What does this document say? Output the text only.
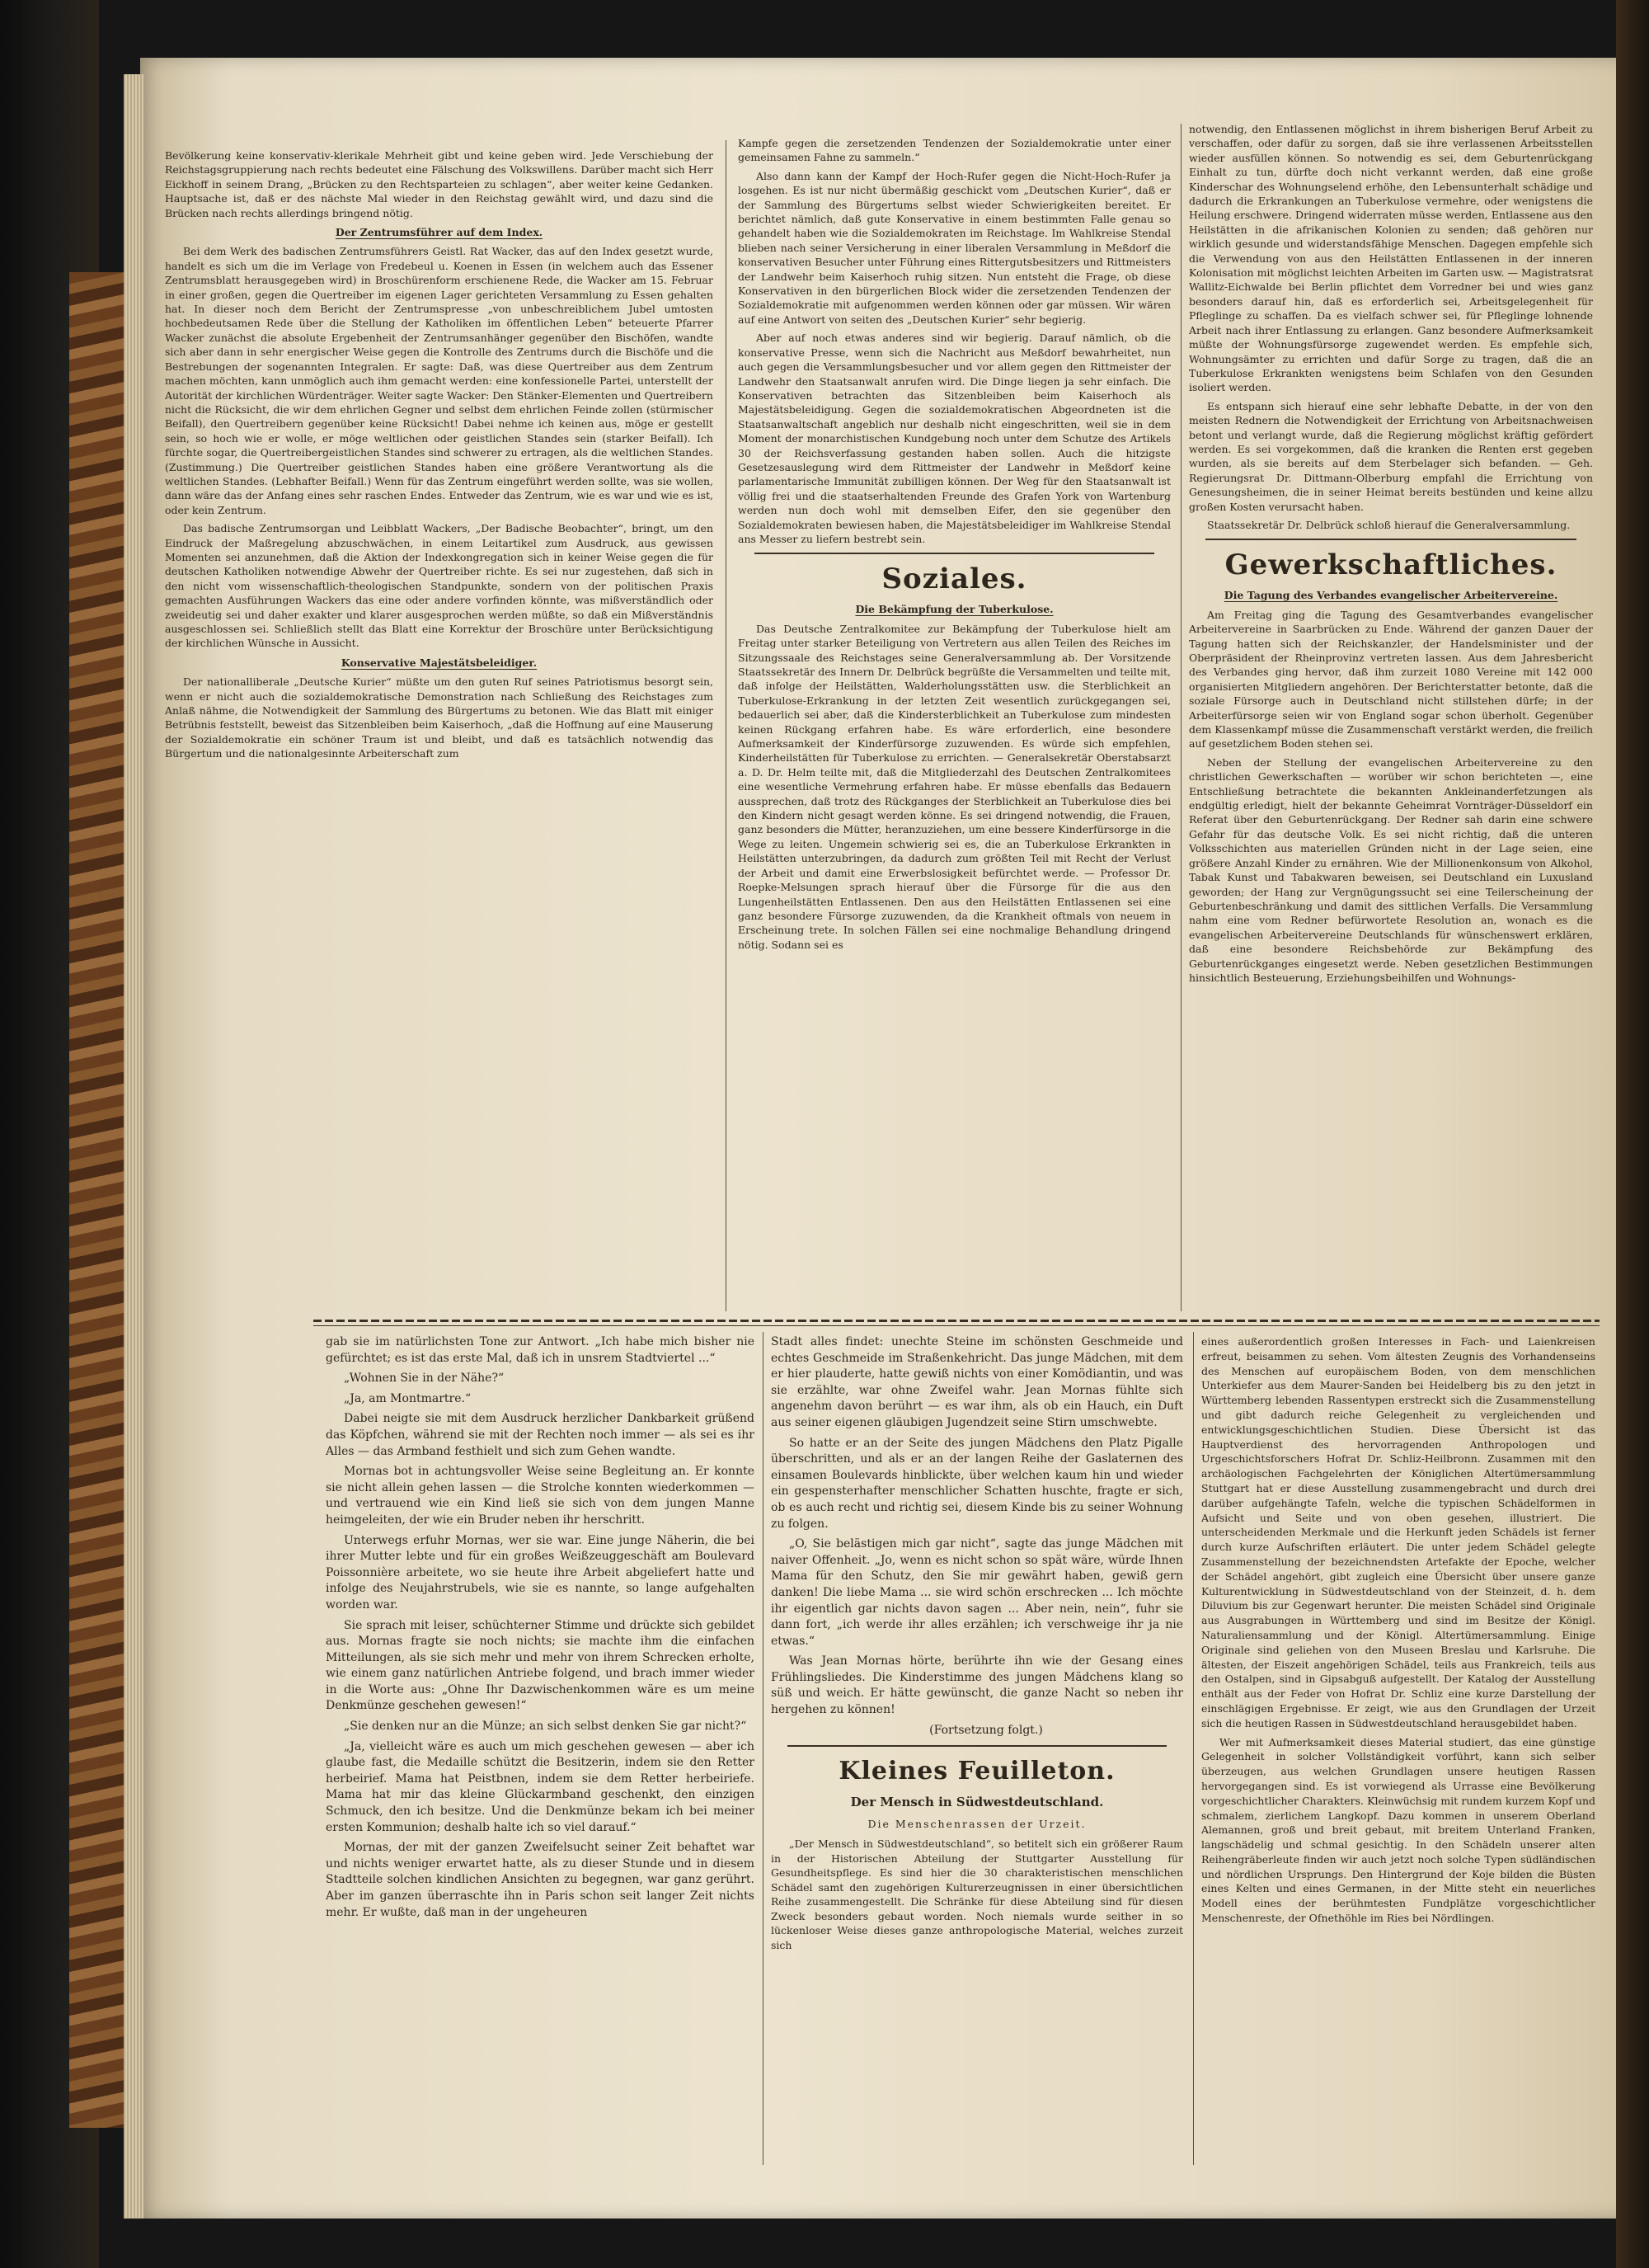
Bevölkerung keine konservativ-klerikale Mehrheit gibt und keine geben wird. Jede Verschiebung der Reichstagsgruppierung nach rechts bedeutet eine Fälschung des Volkswillens. Darüber macht sich Herr Eickhoff in seinem Drang, „Brücken zu den Rechtsparteien zu schlagen“, aber weiter keine Gedanken. Hauptsache ist, daß er des nächste Mal wieder in den Reichstag gewählt wird, und dazu sind die Brücken nach rechts allerdings bringend nötig.

Der Zentrumsführer auf dem Index.

Bei dem Werk des badischen Zentrumsführers Geistl. Rat Wacker, das auf den Index gesetzt wurde, handelt es sich um die im Verlage von Fredebeul u. Koenen in Essen (in welchem auch das Essener Zentrumsblatt herausgegeben wird) in Broschürenform erschienene Rede, die Wacker am 15. Februar in einer großen, gegen die Quertreiber im eigenen Lager gerichteten Versammlung zu Essen gehalten hat. In dieser noch dem Bericht der Zentrumspresse „von unbeschreiblichem Jubel umtosten hochbedeutsamen Rede über die Stellung der Katholiken im öffentlichen Leben“ beteuerte Pfarrer Wacker zunächst die absolute Ergebenheit der Zentrumsanhänger gegenüber den Bischöfen, wandte sich aber dann in sehr energischer Weise gegen die Kontrolle des Zentrums durch die Bischöfe und die Bestrebungen der sogenannten Integralen. Er sagte: Daß, was diese Quertreiber aus dem Zentrum machen möchten, kann unmöglich auch ihm gemacht werden: eine konfessionelle Partei, unterstellt der Autorität der kirchlichen Würdenträger. Weiter sagte Wacker: Den Stänker-Elementen und Quertreibern nicht die Rücksicht, die wir dem ehrlichen Gegner und selbst dem ehrlichen Feinde zollen (stürmischer Beifall), den Quertreibern gegenüber keine Rücksicht! Dabei nehme ich keinen aus, möge er gestellt sein, so hoch wie er wolle, er möge weltlichen oder geistlichen Standes sein (starker Beifall). Ich fürchte sogar, die Quertreibergeistlichen Standes sind schwerer zu ertragen, als die weltlichen Standes. (Zustimmung.) Die Quertreiber geistlichen Standes haben eine größere Verantwortung als die weltlichen Standes. (Lebhafter Beifall.) Wenn für das Zentrum eingeführt werden sollte, was sie wollen, dann wäre das der Anfang eines sehr raschen Endes. Entweder das Zentrum, wie es war und wie es ist, oder kein Zentrum.

Das badische Zentrumsorgan und Leibblatt Wackers, „Der Badische Beobachter“, bringt, um den Eindruck der Maßregelung abzuschwächen, in einem Leitartikel zum Ausdruck, aus gewissen Momenten sei anzunehmen, daß die Aktion der Indexkongregation sich in keiner Weise gegen die für deutschen Katholiken notwendige Abwehr der Quertreiber richte. Es sei nur zugestehen, daß sich in den nicht vom wissenschaftlich-theologischen Standpunkte, sondern von der politischen Praxis gemachten Ausführungen Wackers das eine oder andere vorfinden könnte, was mißverständlich oder zweideutig sei und daher exakter und klarer ausgesprochen werden müßte, so daß ein Mißverständnis ausgeschlossen sei. Schließlich stellt das Blatt eine Korrektur der Broschüre unter Berücksichtigung der kirchlichen Wünsche in Aussicht.

Konservative Majestätsbeleidiger.

Der nationalliberale „Deutsche Kurier“ müßte um den guten Ruf seines Patriotismus besorgt sein, wenn er nicht auch die sozialdemokratische Demonstration nach Schließung des Reichstages zum Anlaß nähme, die Notwendigkeit der Sammlung des Bürgertums zu betonen. Wie das Blatt mit einiger Betrübnis feststellt, beweist das Sitzenbleiben beim Kaiserhoch, „daß die Hoffnung auf eine Mauserung der Sozialdemokratie ein schöner Traum ist und bleibt, und daß es tatsächlich notwendig das Bürgertum und die nationalgesinnte Arbeiterschaft zum

Kampfe gegen die zersetzenden Tendenzen der Sozialdemokratie unter einer gemeinsamen Fahne zu sammeln.“

Also dann kann der Kampf der Hoch-Rufer gegen die Nicht-Hoch-Rufer ja losgehen. Es ist nur nicht übermäßig geschickt vom „Deutschen Kurier“, daß er der Sammlung des Bürgertums selbst wieder Schwierigkeiten bereitet. Er berichtet nämlich, daß gute Konservative in einem bestimmten Falle genau so gehandelt haben wie die Sozialdemokraten im Reichstage. Im Wahlkreise Stendal blieben nach seiner Versicherung in einer liberalen Versammlung in Meßdorf die konservativen Besucher unter Führung eines Rittergutsbesitzers und Rittmeisters der Landwehr beim Kaiserhoch ruhig sitzen. Nun entsteht die Frage, ob diese Konservativen in den bürgerlichen Block wider die zersetzenden Tendenzen der Sozialdemokratie mit aufgenommen werden können oder gar müssen. Wir wären auf eine Antwort von seiten des „Deutschen Kurier“ sehr begierig.

Aber auf noch etwas anderes sind wir begierig. Darauf nämlich, ob die konservative Presse, wenn sich die Nachricht aus Meßdorf bewahrheitet, nun auch gegen die Versammlungsbesucher und vor allem gegen den Rittmeister der Landwehr den Staatsanwalt anrufen wird. Die Dinge liegen ja sehr einfach. Die Konservativen betrachten das Sitzenbleiben beim Kaiserhoch als Majestätsbeleidigung. Gegen die sozialdemokratischen Abgeordneten ist die Staatsanwaltschaft angeblich nur deshalb nicht eingeschritten, weil sie in dem Moment der monarchistischen Kundgebung noch unter dem Schutze des Artikels 30 der Reichsverfassung gestanden haben sollen. Auch die hitzigste Gesetzesauslegung wird dem Rittmeister der Landwehr in Meßdorf keine parlamentarische Immunität zubilligen können. Der Weg für den Staatsanwalt ist völlig frei und die staatserhaltenden Freunde des Grafen York von Wartenburg werden nun doch wohl mit demselben Eifer, den sie gegenüber den Sozialdemokraten bewiesen haben, die Majestätsbeleidiger im Wahlkreise Stendal ans Messer zu liefern bestrebt sein.

Soziales.
Die Bekämpfung der Tuberkulose.

Das Deutsche Zentralkomitee zur Bekämpfung der Tuberkulose hielt am Freitag unter starker Beteiligung von Vertretern aus allen Teilen des Reiches im Sitzungssaale des Reichstages seine Generalversammlung ab. Der Vorsitzende Staatssekretär des Innern Dr. Delbrück begrüßte die Versammelten und teilte mit, daß infolge der Heilstätten, Walderholungsstätten usw. die Sterblichkeit an Tuberkulose-Erkrankung in der letzten Zeit wesentlich zurückgegangen sei, bedauerlich sei aber, daß die Kindersterblichkeit an Tuberkulose zum mindesten keinen Rückgang erfahren habe. Es wäre erforderlich, eine besondere Aufmerksamkeit der Kinderfürsorge zuzuwenden. Es würde sich empfehlen, Kinderheilstätten für Tuberkulose zu errichten. — Generalsekretär Oberstabsarzt a. D. Dr. Helm teilte mit, daß die Mitgliederzahl des Deutschen Zentralkomitees eine wesentliche Vermehrung erfahren habe. Er müsse ebenfalls das Bedauern aussprechen, daß trotz des Rückganges der Sterblichkeit an Tuberkulose dies bei den Kindern nicht gesagt werden könne. Es sei dringend notwendig, die Frauen, ganz besonders die Mütter, heranzuziehen, um eine bessere Kinderfürsorge in die Wege zu leiten. Ungemein schwierig sei es, die an Tuberkulose Erkrankten in Heilstätten unterzubringen, da dadurch zum größten Teil mit Recht der Verlust der Arbeit und damit eine Erwerbslosigkeit befürchtet werde. — Professor Dr. Roepke-Melsungen sprach hierauf über die Fürsorge für die aus den Lungenheilstätten Entlassenen. Den aus den Heilstätten Entlassenen sei eine ganz besondere Fürsorge zuzuwenden, da die Krankheit oftmals von neuem in Erscheinung trete. In solchen Fällen sei eine nochmalige Behandlung dringend nötig. Sodann sei es

notwendig, den Entlassenen möglichst in ihrem bisherigen Beruf Arbeit zu verschaffen, oder dafür zu sorgen, daß sie ihre verlassenen Arbeitsstellen wieder ausfüllen können. So notwendig es sei, dem Geburtenrückgang Einhalt zu tun, dürfte doch nicht verkannt werden, daß eine große Kinderschar des Wohnungselend erhöhe, den Lebensunterhalt schädige und dadurch die Erkrankungen an Tuberkulose vermehre, oder wenigstens die Heilung erschwere. Dringend widerraten müsse werden, Entlassene aus den Heilstätten in die afrikanischen Kolonien zu senden; daß gehören nur wirklich gesunde und widerstandsfähige Menschen. Dagegen empfehle sich die Verwendung von aus den Heilstätten Entlassenen in der inneren Kolonisation mit möglichst leichten Arbeiten im Garten usw. — Magistratsrat Wallitz-Eichwalde bei Berlin pflichtet dem Vorredner bei und wies ganz besonders darauf hin, daß es erforderlich sei, Arbeitsgelegenheit für Pfleglinge zu schaffen. Da es vielfach schwer sei, für Pfleglinge lohnende Arbeit nach ihrer Entlassung zu erlangen. Ganz besondere Aufmerksamkeit müßte der Wohnungsfürsorge zugewendet werden. Es empfehle sich, Wohnungsämter zu errichten und dafür Sorge zu tragen, daß die an Tuberkulose Erkrankten wenigstens beim Schlafen von den Gesunden isoliert werden.

Es entspann sich hierauf eine sehr lebhafte Debatte, in der von den meisten Rednern die Notwendigkeit der Errichtung von Arbeitsnachweisen betont und verlangt wurde, daß die Regierung möglichst kräftig gefördert werden. Es sei vorgekommen, daß die kranken die Renten erst gegeben wurden, als sie bereits auf dem Sterbelager sich befanden. — Geh. Regierungsrat Dr. Dittmann-Olberburg empfahl die Errichtung von Genesungsheimen, die in seiner Heimat bereits bestünden und keine allzu großen Kosten verursacht haben.

Staatssekretär Dr. Delbrück schloß hierauf die Generalversammlung.

Gewerkschaftliches.
Die Tagung des Verbandes evangelischer Arbeitervereine.

Am Freitag ging die Tagung des Gesamtverbandes evangelischer Arbeitervereine in Saarbrücken zu Ende. Während der ganzen Dauer der Tagung hatten sich der Reichskanzler, der Handelsminister und der Oberpräsident der Rheinprovinz vertreten lassen. Aus dem Jahresbericht des Verbandes ging hervor, daß ihm zurzeit 1080 Vereine mit 142 000 organisierten Mitgliedern angehören. Der Berichterstatter betonte, daß die soziale Fürsorge auch in Deutschland nicht stillstehen dürfe; in der Arbeiterfürsorge seien wir von England sogar schon überholt. Gegenüber dem Klassenkampf müsse die Zusammenschaft verstärkt werden, die freilich auf gesetzlichem Boden stehen sei.

Neben der Stellung der evangelischen Arbeitervereine zu den christlichen Gewerkschaften — worüber wir schon berichteten —, eine Entschließung betrachtete die bekannten Ankleinanderfetzungen als endgültig erledigt, hielt der bekannte Geheimrat Vornträger-Düsseldorf ein Referat über den Geburtenrückgang. Der Redner sah darin eine schwere Gefahr für das deutsche Volk. Es sei nicht richtig, daß die unteren Volksschichten aus materiellen Gründen nicht in der Lage seien, eine größere Anzahl Kinder zu ernähren. Wie der Millionenkonsum von Alkohol, Tabak Kunst und Tabakwaren beweisen, sei Deutschland ein Luxusland geworden; der Hang zur Vergnügungssucht sei eine Teilerscheinung der Geburtenbeschränkung und damit des sittlichen Verfalls. Die Versammlung nahm eine vom Redner befürwortete Resolution an, wonach es die evangelischen Arbeitervereine Deutschlands für wünschenswert erklären, daß eine besondere Reichsbehörde zur Bekämpfung des Geburtenrückganges eingesetzt werde. Neben gesetzlichen Bestimmungen hinsichtlich Besteuerung, Erziehungsbeihilfen und Wohnungs-

gab sie im natürlichsten Tone zur Antwort. „Ich habe mich bisher nie gefürchtet; es ist das erste Mal, daß ich in unsrem Stadtviertel ...“

„Wohnen Sie in der Nähe?“

„Ja, am Montmartre.“

Dabei neigte sie mit dem Ausdruck herzlicher Dankbarkeit grüßend das Köpfchen, während sie mit der Rechten noch immer — als sei es ihr Alles — das Armband festhielt und sich zum Gehen wandte.

Mornas bot in achtungsvoller Weise seine Begleitung an. Er konnte sie nicht allein gehen lassen — die Strolche konnten wiederkommen — und vertrauend wie ein Kind ließ sie sich von dem jungen Manne heimgeleiten, der wie ein Bruder neben ihr herschritt.

Unterwegs erfuhr Mornas, wer sie war. Eine junge Näherin, die bei ihrer Mutter lebte und für ein großes Weißzeuggeschäft am Boulevard Poissonnière arbeitete, wo sie heute ihre Arbeit abgeliefert hatte und infolge des Neujahrstrubels, wie sie es nannte, so lange aufgehalten worden war.

Sie sprach mit leiser, schüchterner Stimme und drückte sich gebildet aus. Mornas fragte sie noch nichts; sie machte ihm die einfachen Mitteilungen, als sie sich mehr und mehr von ihrem Schrecken erholte, wie einem ganz natürlichen Antriebe folgend, und brach immer wieder in die Worte aus: „Ohne Ihr Dazwischenkommen wäre es um meine Denkmünze geschehen gewesen!“

„Sie denken nur an die Münze; an sich selbst denken Sie gar nicht?“

„Ja, vielleicht wäre es auch um mich geschehen gewesen — aber ich glaube fast, die Medaille schützt die Besitzerin, indem sie den Retter herbeirief. Mama hat Peistbnen, indem sie dem Retter herbeiriefe. Mama hat mir das kleine Glückarmband geschenkt, den einzigen Schmuck, den ich besitze. Und die Denkmünze bekam ich bei meiner ersten Kommunion; deshalb halte ich so viel darauf.“

Mornas, der mit der ganzen Zweifelsucht seiner Zeit behaftet war und nichts weniger erwartet hatte, als zu dieser Stunde und in diesem Stadtteile solchen kindlichen Ansichten zu begegnen, war ganz gerührt. Aber im ganzen überraschte ihn in Paris schon seit langer Zeit nichts mehr. Er wußte, daß man in der ungeheuren

Stadt alles findet: unechte Steine im schönsten Geschmeide und echtes Geschmeide im Straßenkehricht. Das junge Mädchen, mit dem er hier plauderte, hatte gewiß nichts von einer Komödiantin, und was sie erzählte, war ohne Zweifel wahr. Jean Mornas fühlte sich angenehm davon berührt — es war ihm, als ob ein Hauch, ein Duft aus seiner eigenen gläubigen Jugendzeit seine Stirn umschwebte.

So hatte er an der Seite des jungen Mädchens den Platz Pigalle überschritten, und als er an der langen Reihe der Gaslaternen des einsamen Boulevards hinblickte, über welchen kaum hin und wieder ein gespensterhafter menschlicher Schatten huschte, fragte er sich, ob es auch recht und richtig sei, diesem Kinde bis zu seiner Wohnung zu folgen.

„O, Sie belästigen mich gar nicht“, sagte das junge Mädchen mit naiver Offenheit. „Jo, wenn es nicht schon so spät wäre, würde Ihnen Mama für den Schutz, den Sie mir gewährt haben, gewiß gern danken! Die liebe Mama ... sie wird schön erschrecken ... Ich möchte ihr eigentlich gar nichts davon sagen ... Aber nein, nein“, fuhr sie dann fort, „ich werde ihr alles erzählen; ich verschweige ihr ja nie etwas.“

Was Jean Mornas hörte, berührte ihn wie der Gesang eines Frühlingsliedes. Die Kinderstimme des jungen Mädchens klang so süß und weich. Er hätte gewünscht, die ganze Nacht so neben ihr hergehen zu können!

(Fortsetzung folgt.)

Kleines Feuilleton.
Der Mensch in Südwestdeutschland.
Die Menschenrassen der Urzeit.

„Der Mensch in Südwestdeutschland“, so betitelt sich ein größerer Raum in der Historischen Abteilung der Stuttgarter Ausstellung für Gesundheitspflege. Es sind hier die 30 charakteristischen menschlichen Schädel samt den zugehörigen Kulturerzeugnissen in einer übersichtlichen Reihe zusammengestellt. Die Schränke für diese Abteilung sind für diesen Zweck besonders gebaut worden. Noch niemals wurde seither in so lückenloser Weise dieses ganze anthropologische Material, welches zurzeit sich

eines außerordentlich großen Interesses in Fach- und Laienkreisen erfreut, beisammen zu sehen. Vom ältesten Zeugnis des Vorhandenseins des Menschen auf europäischem Boden, von dem menschlichen Unterkiefer aus dem Maurer-Sanden bei Heidelberg bis zu den jetzt in Württemberg lebenden Rassentypen erstreckt sich die Zusammenstellung und gibt dadurch reiche Gelegenheit zu vergleichenden und entwicklungsgeschichtlichen Studien. Diese Übersicht ist das Hauptverdienst des hervorragenden Anthropologen und Urgeschichtsforschers Hofrat Dr. Schliz-Heilbronn. Zusammen mit den archäologischen Fachgelehrten der Königlichen Altertümersammlung Stuttgart hat er diese Ausstellung zusammengebracht und durch drei darüber aufgehängte Tafeln, welche die typischen Schädelformen in Aufsicht und Seite und von oben gesehen, illustriert. Die unterscheidenden Merkmale und die Herkunft jeden Schädels ist ferner durch kurze Aufschriften erläutert. Die unter jedem Schädel gelegte Zusammenstellung der bezeichnendsten Artefakte der Epoche, welcher der Schädel angehört, gibt zugleich eine Übersicht über unsere ganze Kulturentwicklung in Südwestdeutschland von der Steinzeit, d. h. dem Diluvium bis zur Gegenwart herunter. Die meisten Schädel sind Originale aus Ausgrabungen in Württemberg und sind im Besitze der Königl. Naturaliensammlung und der Königl. Altertümersammlung. Einige Originale sind geliehen von den Museen Breslau und Karlsruhe. Die ältesten, der Eiszeit angehörigen Schädel, teils aus Frankreich, teils aus den Ostalpen, sind in Gipsabguß aufgestellt. Der Katalog der Ausstellung enthält aus der Feder von Hofrat Dr. Schliz eine kurze Darstellung der einschlägigen Ergebnisse. Er zeigt, wie aus den Grundlagen der Urzeit sich die heutigen Rassen in Südwestdeutschland herausgebildet haben.

Wer mit Aufmerksamkeit dieses Material studiert, das eine günstige Gelegenheit in solcher Vollständigkeit vorführt, kann sich selber überzeugen, aus welchen Grundlagen unsere heutigen Rassen hervorgegangen sind. Es ist vorwiegend als Urrasse eine Bevölkerung vorgeschichtlicher Charakters. Kleinwüchsig mit rundem kurzem Kopf und schmalem, zierlichem Langkopf. Dazu kommen in unserem Oberland Alemannen, groß und breit gebaut, mit breitem Unterland Franken, langschädelig und schmal gesichtig. In den Schädeln unserer alten Reihengräberleute finden wir auch jetzt noch solche Typen südländischen und nördlichen Ursprungs. Den Hintergrund der Koje bilden die Büsten eines Kelten und eines Germanen, in der Mitte steht ein neuerliches Modell eines der berühmtesten Fundplätze vorgeschichtlicher Menschenreste, der Ofnethöhle im Ries bei Nördlingen.
